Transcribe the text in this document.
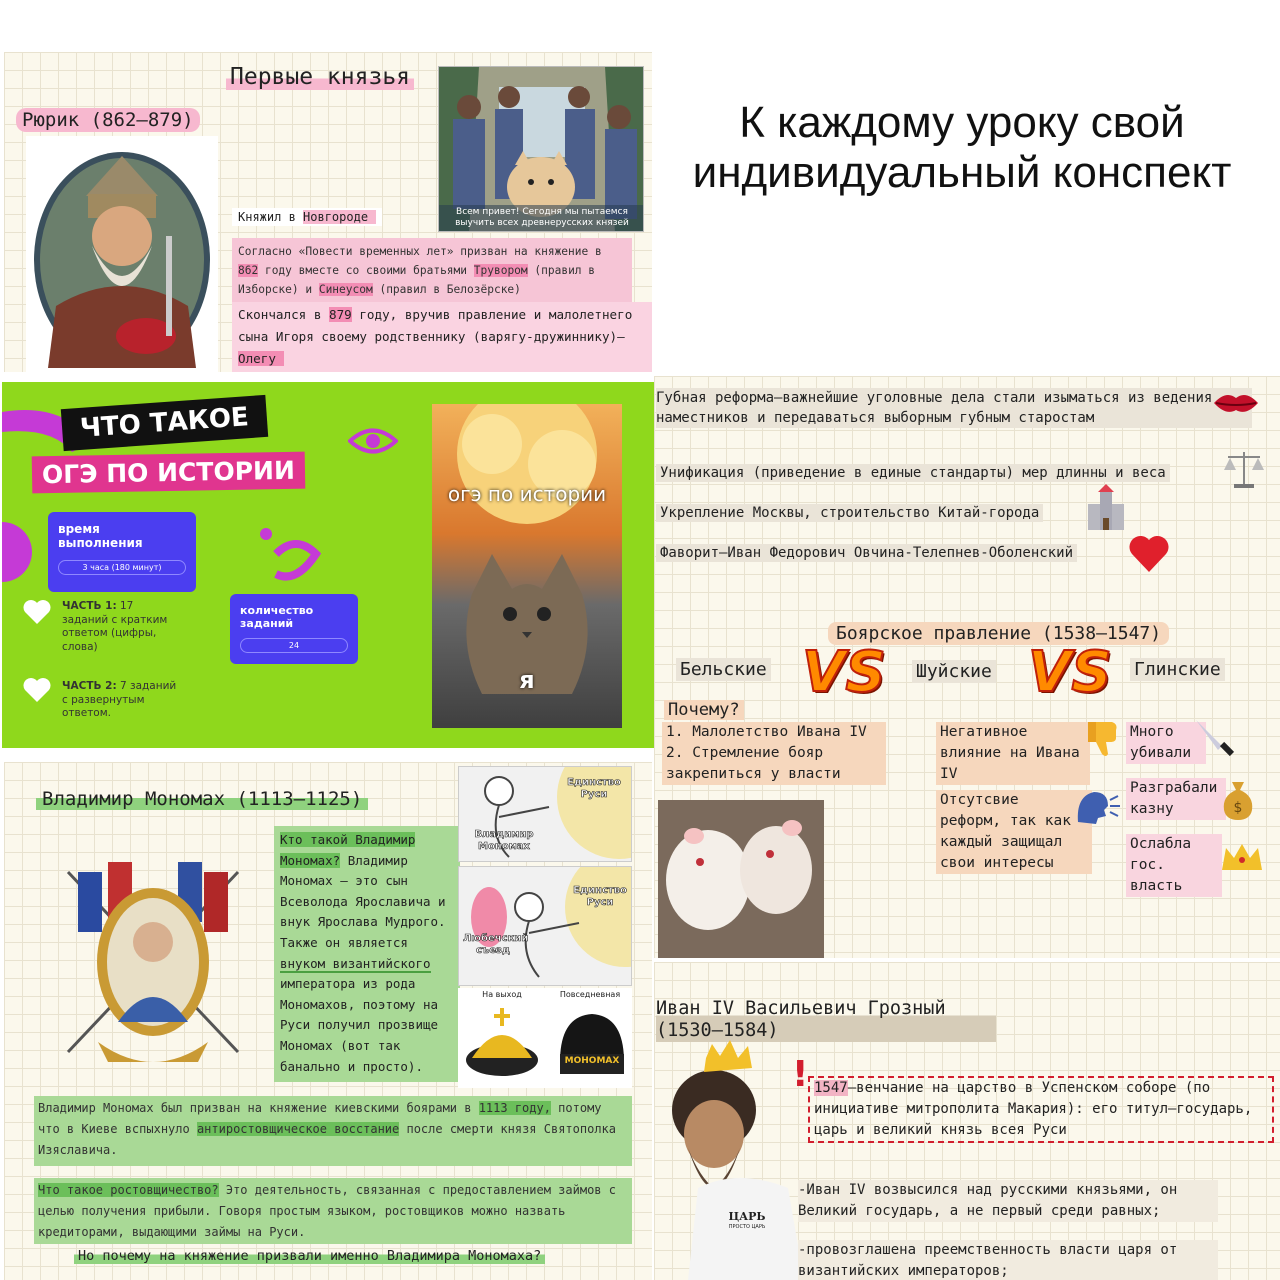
К каждому уроку свой
индивидуальный конспект
Первые князья
Рюрик (862–879)
Всем привет! Сегодня мы пытаемся выучить всех древнерусских князей
Княжил в Новгороде
Согласно «Повести временных лет» призван на княжение в
862 году вместе со своими братьями Трувором (правил в
Изборске) и Синеусом (правил в Белозёрске)
Скончался в 879 году, вручив правление и малолетнего
сына Игоря своему родственнику (варягу-дружиннику)–
Олегу
ЧТО ТАКОЕ
ОГЭ ПО ИСТОРИИ
время выполнения
3 часа (180 минут)
количество заданий
24
ЧАСТЬ 1: 17 заданий с кратким ответом (цифры, слова)
ЧАСТЬ 2: 7 заданий с развернутым ответом.
огэ по истории
я
Губная реформа–важнейшие уголовные дела стали изыматься из ведения наместников и передаваться выборным губным старостам
Унификация (приведение в единые стандарты) мер длинны и веса
Укрепление Москвы, строительство Китай-города
Фаворит–Иван Федорович Овчина-Телепнев-Оболенский
Боярское правление (1538–1547)
Бельские	Шуйские	Глинские
VS	VS
Почему?
1. Малолетство Ивана IV
2. Стремление бояр закрепиться у власти
Негативное влияние на Ивана IV
Отсутсвие реформ, так как каждый защищал свои интересы
Много убивали
Разграбали казну	$
Ослабла гос. власть
Владимир Мономах (1113–1125)
Кто такой Владимир Мономах? Владимир Мономах – это сын Всеволода Ярославича и внук Ярослава Мудрого. Также он является внуком византийского императора из рода Мономахов, поэтому на Руси получил прозвище Мономах (вот так банально и просто).
Единство Руси
Владимир Мономах
Единство Руси
Любечский съезд
На выход	Повседневная
МОНОМАХ
Владимир Мономах был призван на княжение киевскими боярами в 1113 году, потому что в Киеве вспыхнуло антиростовщическое восстание после смерти князя Святополка Изяславича.
Что такое ростовщичество? Это деятельность, связанная с предоставлением займов с целью получения прибыли. Говоря простым языком, ростовщиков можно назвать кредиторами, выдающими займы на Руси.
Но почему на княжение призвали именно Владимира Мономаха?
Иван IV Васильевич Грозный (1530–1584)
ЦАРЬ
ПРОСТО ЦАРЬ
! 1547–венчание на царство в Успенском соборе (по инициативе митрополита Макария): его титул–государь, царь и великий князь всея Руси
-Иван IV возвысился над русскими князьями, он Великий государь, а не первый среди равных;
-провозглашена преемственность власти царя от византийских императоров;
